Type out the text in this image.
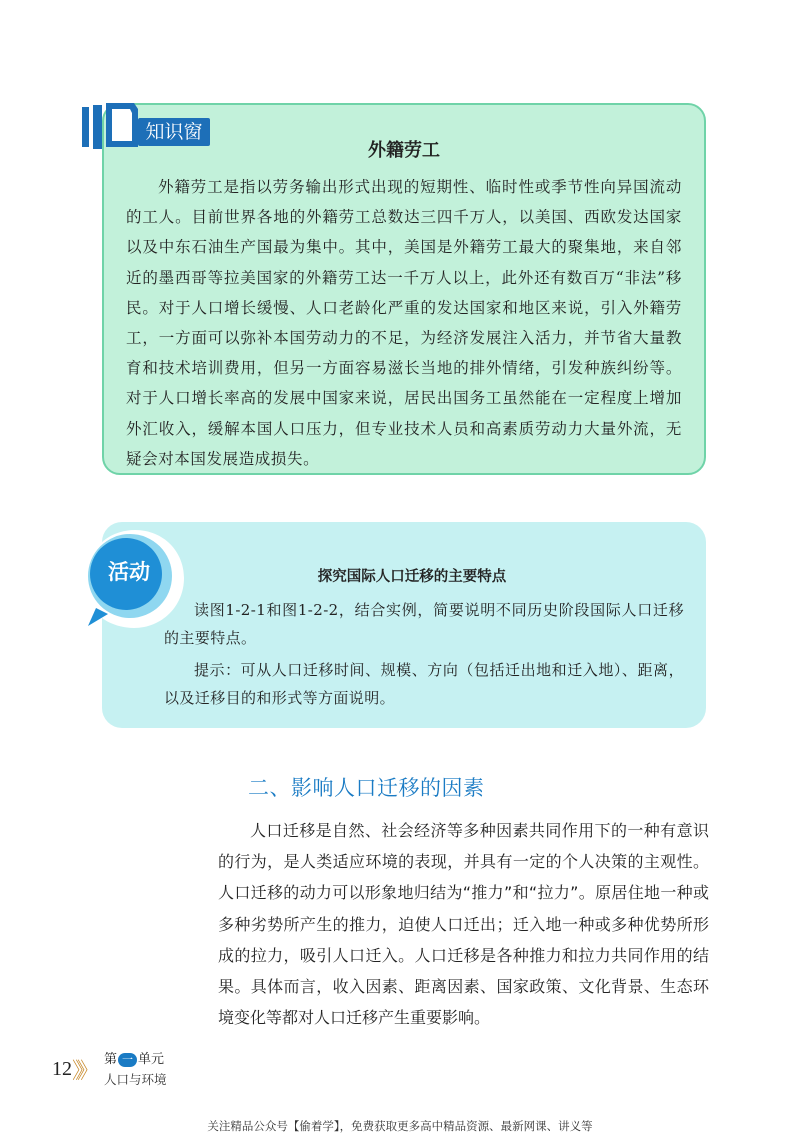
知识窗
外籍劳工

外籍劳工是指以劳务输出形式出现的短期性、临时性或季节性向异国流动的工人。目前世界各地的外籍劳工总数达三四千万人，以美国、西欧发达国家以及中东石油生产国最为集中。其中，美国是外籍劳工最大的聚集地，来自邻近的墨西哥等拉美国家的外籍劳工达一千万人以上，此外还有数百万“非法”移民。对于人口增长缓慢、人口老龄化严重的发达国家和地区来说，引入外籍劳工，一方面可以弥补本国劳动力的不足，为经济发展注入活力，并节省大量教育和技术培训费用，但另一方面容易滋长当地的排外情绪，引发种族纠纷等。对于人口增长率高的发展中国家来说，居民出国务工虽然能在一定程度上增加外汇收入，缓解本国人口压力，但专业技术人员和高素质劳动力大量外流，无疑会对本国发展造成损失。

活动	探究国际人口迁移的主要特点

读图1-2-1和图1-2-2，结合实例，简要说明不同历史阶段国际人口迁移的主要特点。

提示：可从人口迁移时间、规模、方向（包括迁出地和迁入地）、距离，以及迁移目的和形式等方面说明。

二、影响人口迁移的因素

人口迁移是自然、社会经济等多种因素共同作用下的一种有意识的行为，是人类适应环境的表现，并具有一定的个人决策的主观性。人口迁移的动力可以形象地归结为“推力”和“拉力”。原居住地一种或多种劣势所产生的推力，迫使人口迁出；迁入地一种或多种优势所形成的拉力，吸引人口迁入。人口迁移是各种推力和拉力共同作用的结果。具体而言，收入因素、距离因素、国家政策、文化背景、生态环境变化等都对人口迁移产生重要影响。

12 》》 第 一 单元
人口与环境
关注精品公众号【偷着学】，免费获取更多高中精品资源、最新网课、讲义等
